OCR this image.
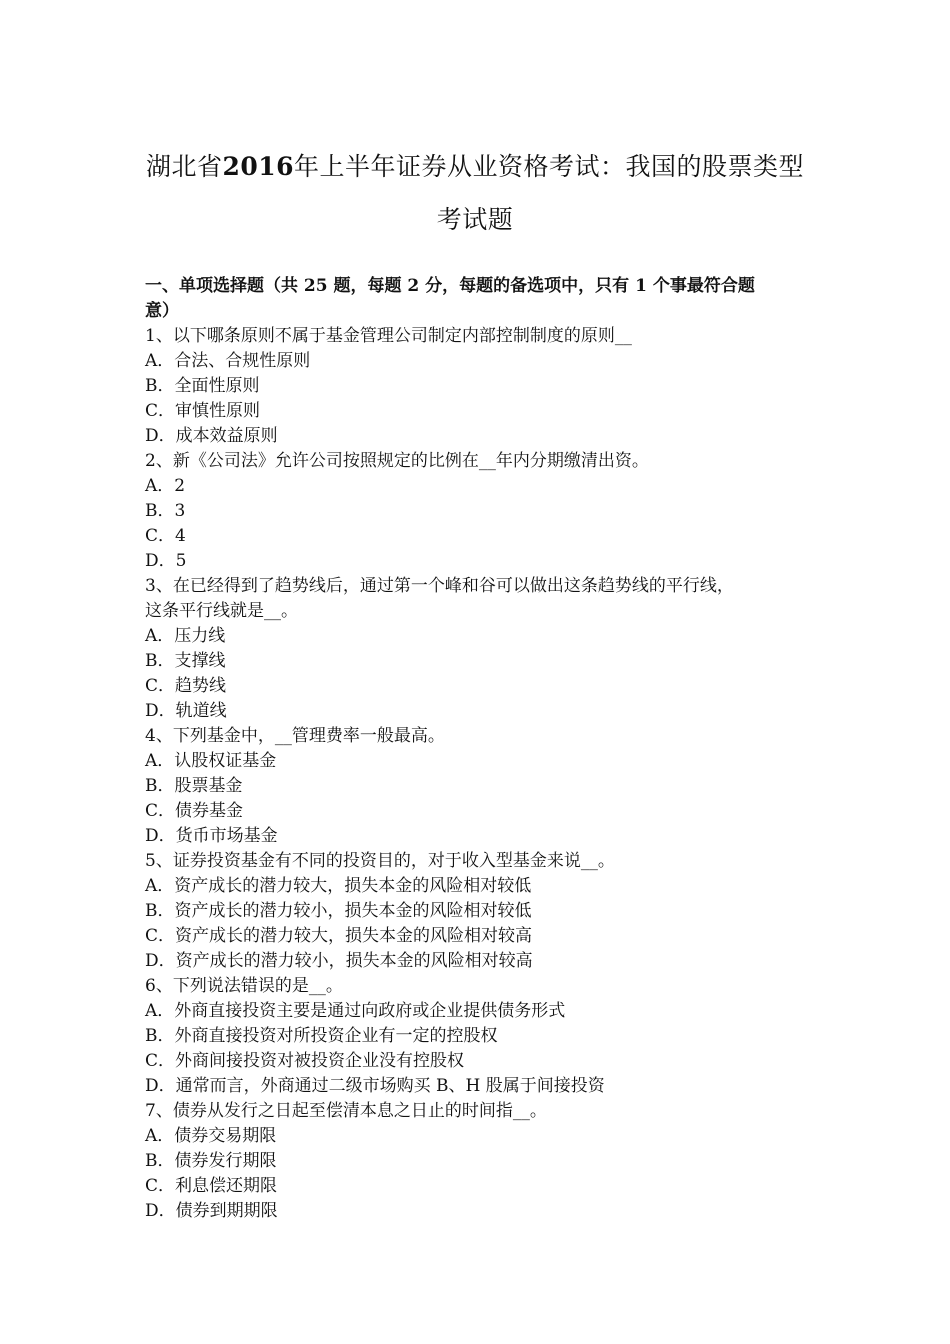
湖北省2016年上半年证券从业资格考试：我国的股票类型
考试题
一、单项选择题（共 25 题，每题 2 分，每题的备选项中，只有 1 个事最符合题
意）
1、以下哪条原则不属于基金管理公司制定内部控制制度的原则__
A．合法、合规性原则
B．全面性原则
C．审慎性原则
D．成本效益原则
2、新《公司法》允许公司按照规定的比例在__年内分期缴清出资。
A．2
B．3
C．4
D．5
3、在已经得到了趋势线后，通过第一个峰和谷可以做出这条趋势线的平行线，
这条平行线就是__。
A．压力线
B．支撑线
C．趋势线
D．轨道线
4、下列基金中，__管理费率一般最高。
A．认股权证基金
B．股票基金
C．债券基金
D．货币市场基金
5、证券投资基金有不同的投资目的，对于收入型基金来说__。
A．资产成长的潜力较大，损失本金的风险相对较低
B．资产成长的潜力较小，损失本金的风险相对较低
C．资产成长的潜力较大，损失本金的风险相对较高
D．资产成长的潜力较小，损失本金的风险相对较高
6、下列说法错误的是__。
A．外商直接投资主要是通过向政府或企业提供债务形式
B．外商直接投资对所投资企业有一定的控股权
C．外商间接投资对被投资企业没有控股权
D．通常而言，外商通过二级市场购买 B、H 股属于间接投资
7、债券从发行之日起至偿清本息之日止的时间指__。
A．债券交易期限
B．债券发行期限
C．利息偿还期限
D．债券到期期限
